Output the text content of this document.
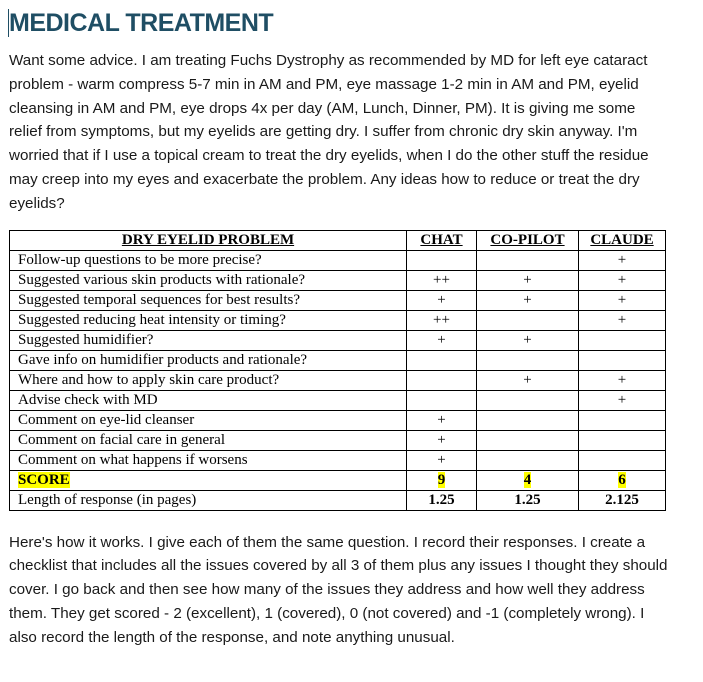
MEDICAL TREATMENT

Want some advice. I am treating Fuchs Dystrophy as recommended by MD for left eye cataract problem - warm compress 5-7 min in AM and PM, eye massage 1-2 min in AM and PM, eyelid cleansing in AM and PM, eye drops 4x per day (AM, Lunch, Dinner, PM). It is giving me some relief from symptoms, but my eyelids are getting dry. I suffer from chronic dry skin anyway. I'm worried that if I use a topical cream to treat the dry eyelids, when I do the other stuff the residue may creep into my eyes and exacerbate the problem. Any ideas how to reduce or treat the dry eyelids?

DRY EYELID PROBLEM	CHAT	CO-PILOT	CLAUDE
Follow-up questions to be more precise?			+
Suggested various skin products with rationale?	++	+	+
Suggested temporal sequences for best results?	+	+	+
Suggested reducing heat intensity or timing?	++		+
Suggested humidifier?	+	+	
Gave info on humidifier products and rationale?			
Where and how to apply skin care product?		+	+
Advise check with MD			+
Comment on eye-lid cleanser	+		
Comment on facial care in general	+		
Comment on what happens if worsens	+		
SCORE	9	4	6
Length of response (in pages)	1.25	1.25	2.125

Here's how it works. I give each of them the same question. I record their responses. I create a checklist that includes all the issues covered by all 3 of them plus any issues I thought they should cover. I go back and then see how many of the issues they address and how well they address them. They get scored - 2 (excellent), 1 (covered), 0 (not covered) and -1 (completely wrong). I also record the length of the response, and note anything unusual.
